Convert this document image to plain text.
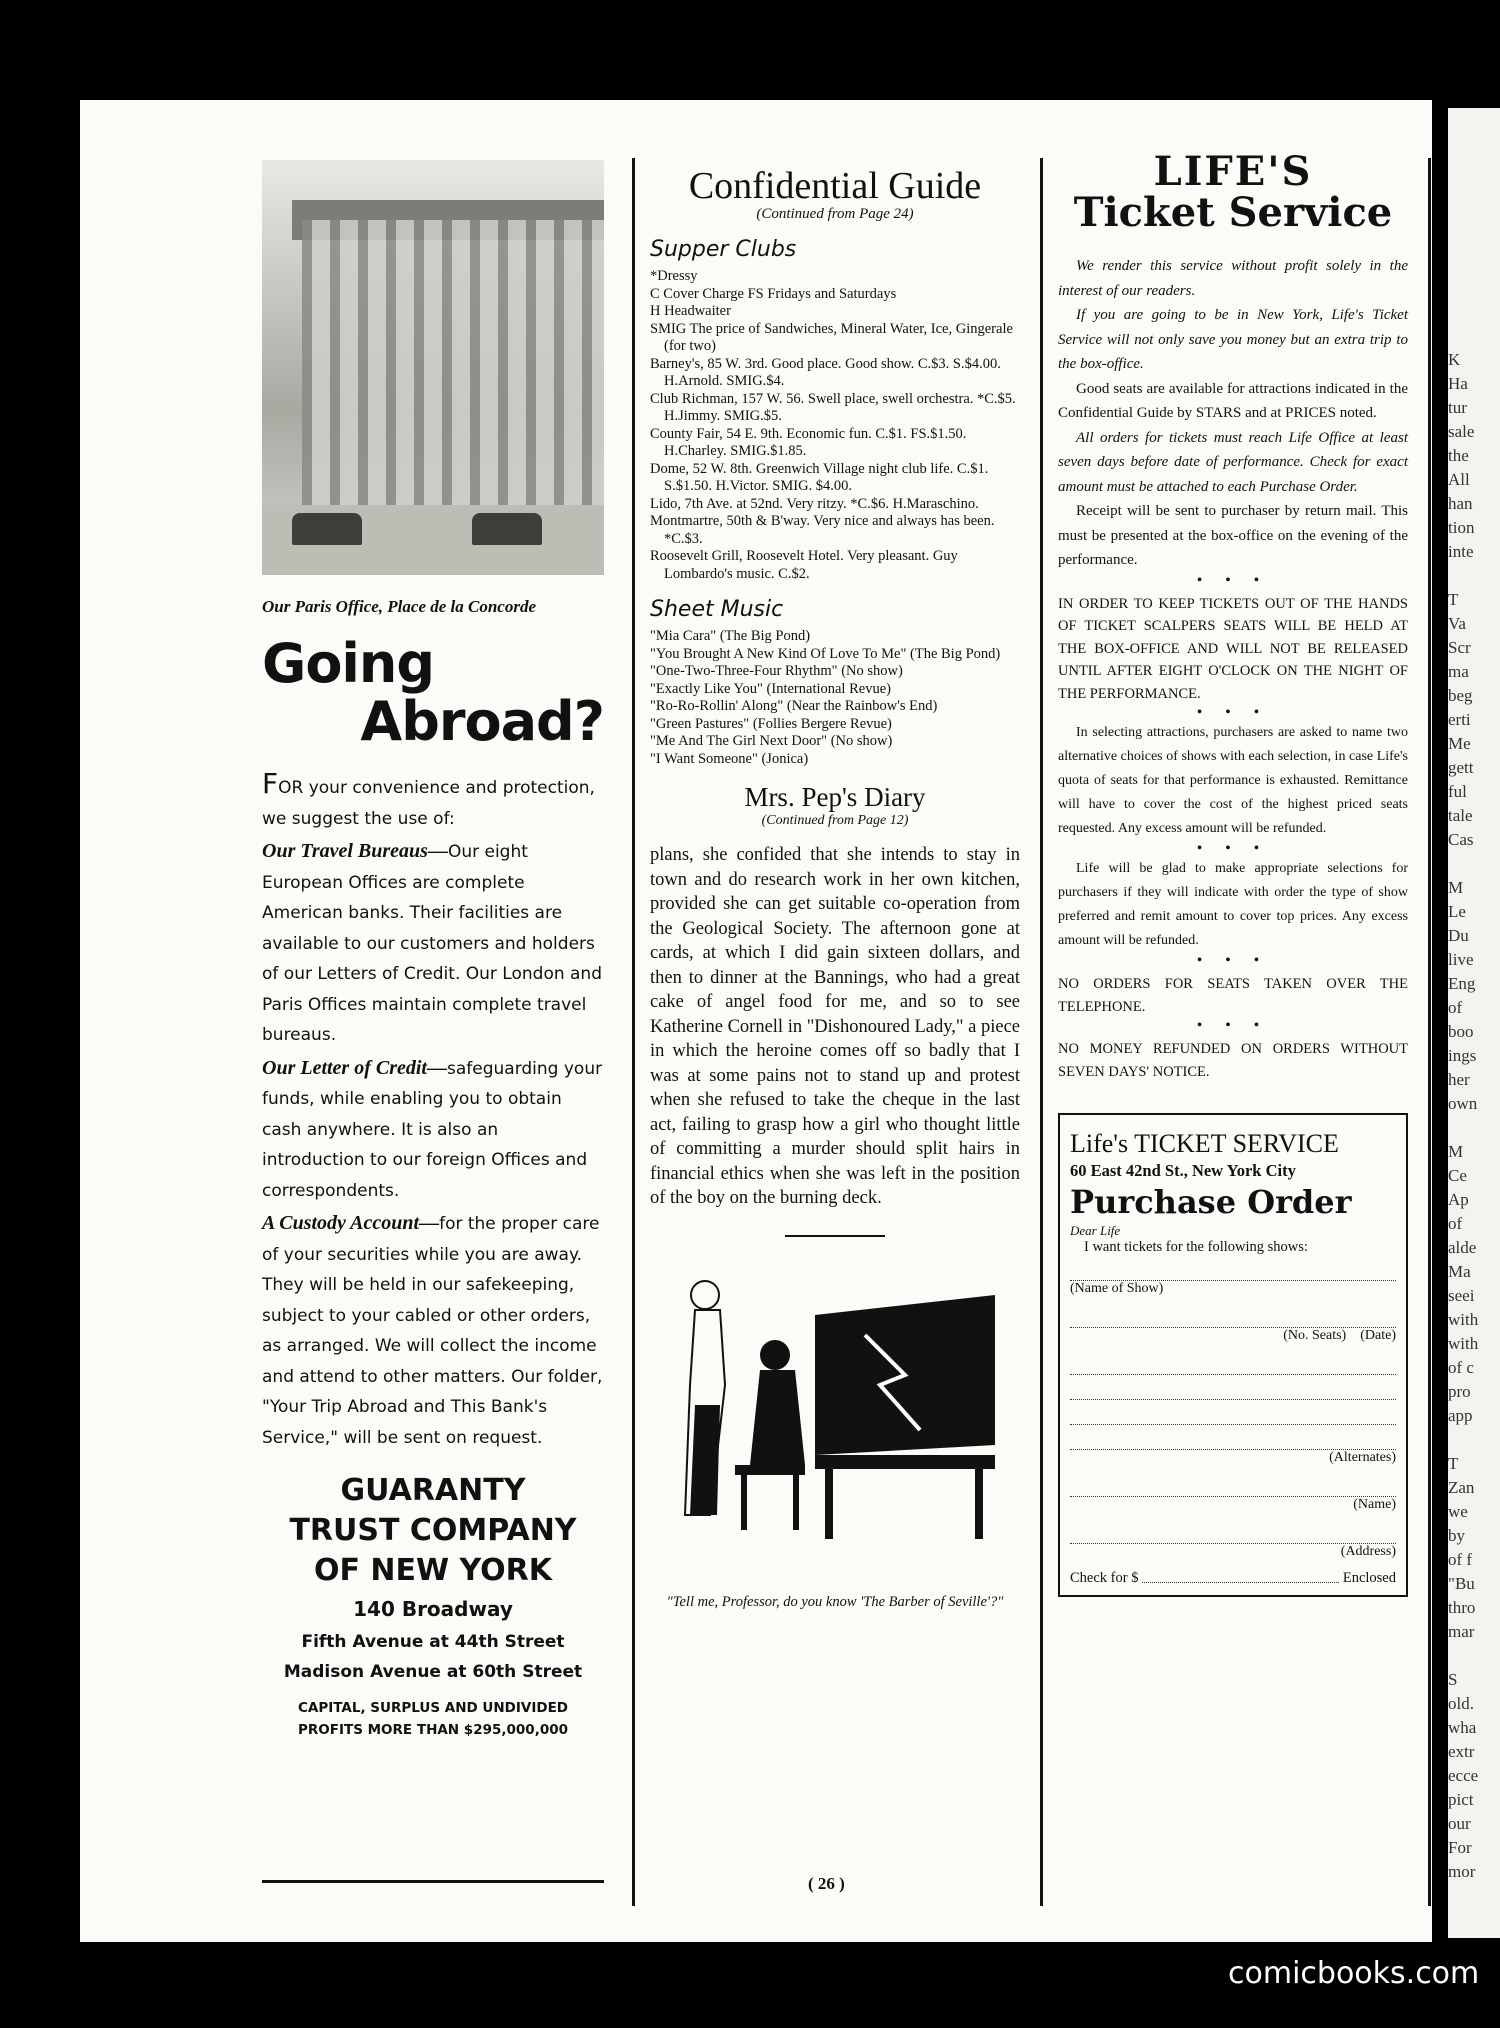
K
Ha
tur
sale
the
All
han
tion
inte

T
Va
Scr
ma
beg
erti
Me
gett
ful
tale
Cas

M
Le
Du
live
Eng
of
boo
ings
her
own

M
Ce
Ap
of
alde
Ma
seei
with
with
of c
pro
app

T
Zan
we
by
of f
"Bu
thro
mar

S
old.
wha
extr
ecce
pict
our
For
mor
Our Paris Office, Place de la Concorde
Going
Abroad?

FOR your convenience and protection, we suggest the use of:

Our Travel Bureaus—Our eight European Offices are complete American banks. Their facilities are available to our customers and holders of our Letters of Credit. Our London and Paris Offices maintain complete travel bureaus.

Our Letter of Credit—safeguarding your funds, while enabling you to obtain cash anywhere. It is also an introduction to our foreign Offices and correspondents.

A Custody Account—for the proper care of your securities while you are away. They will be held in our safekeeping, subject to your cabled or other orders, as arranged. We will collect the income and attend to other matters. Our folder, "Your Trip Abroad and This Bank's Service," will be sent on request.

GUARANTY
TRUST COMPANY
OF NEW YORK
140 Broadway
Fifth Avenue at 44th Street
Madison Avenue at 60th Street
CAPITAL, SURPLUS AND UNDIVIDED
PROFITS MORE THAN $295,000,000
Confidential Guide
(Continued from Page 24)
Supper Clubs

*Dressy

C Cover Charge FS Fridays and Saturdays

H Headwaiter

SMIG The price of Sandwiches, Mineral Water, Ice, Gingerale (for two)

Barney's, 85 W. 3rd. Good place. Good show. C.$3. S.$4.00. H.Arnold. SMIG.$4.

Club Richman, 157 W. 56. Swell place, swell orchestra. *C.$5. H.Jimmy. SMIG.$5.

County Fair, 54 E. 9th. Economic fun. C.$1. FS.$1.50. H.Charley. SMIG.$1.85.

Dome, 52 W. 8th. Greenwich Village night club life. C.$1. S.$1.50. H.Victor. SMIG. $4.00.

Lido, 7th Ave. at 52nd. Very ritzy. *C.$6. H.Maraschino.

Montmartre, 50th & B'way. Very nice and always has been. *C.$3.

Roosevelt Grill, Roosevelt Hotel. Very pleasant. Guy Lombardo's music. C.$2.

Sheet Music

"Mia Cara" (The Big Pond)

"You Brought A New Kind Of Love To Me" (The Big Pond)

"One-Two-Three-Four Rhythm" (No show)

"Exactly Like You" (International Revue)

"Ro-Ro-Rollin' Along" (Near the Rainbow's End)

"Green Pastures" (Follies Bergere Revue)

"Me And The Girl Next Door" (No show)

"I Want Someone" (Jonica)

Mrs. Pep's Diary
(Continued from Page 12)
plans, she confided that she intends to stay in town and do research work in her own kitchen, provided she can get suitable co-operation from the Geological Society. The afternoon gone at cards, at which I did gain sixteen dollars, and then to dinner at the Bannings, who had a great cake of angel food for me, and so to see Katherine Cornell in "Dishonoured Lady," a piece in which the heroine comes off so badly that I was at some pains not to stand up and protest when she refused to take the cheque in the last act, failing to grasp how a girl who thought little of committing a murder should split hairs in financial ethics when she was left in the position of the boy on the burning deck.
"Tell me, Professor, do you know 'The Barber of Seville'?"
( 26 )
LIFE'S
Ticket Service

We render this service without profit solely in the interest of our readers.

If you are going to be in New York, Life's Ticket Service will not only save you money but an extra trip to the box-office.

Good seats are available for attractions indicated in the Confidential Guide by STARS and at PRICES noted.

All orders for tickets must reach Life Office at least seven days before date of performance. Check for exact amount must be attached to each Purchase Order.

Receipt will be sent to purchaser by return mail. This must be presented at the box-office on the evening of the performance.

• • •
IN ORDER TO KEEP TICKETS OUT OF THE HANDS OF TICKET SCALPERS SEATS WILL BE HELD AT THE BOX-OFFICE AND WILL NOT BE RELEASED UNTIL AFTER EIGHT O'CLOCK ON THE NIGHT OF THE PERFORMANCE.
• • •

In selecting attractions, purchasers are asked to name two alternative choices of shows with each selection, in case Life's quota of seats for that performance is exhausted. Remittance will have to cover the cost of the highest priced seats requested. Any excess amount will be refunded.

• • •

Life will be glad to make appropriate selections for purchasers if they will indicate with order the type of show preferred and remit amount to cover top prices. Any excess amount will be refunded.

• • •
NO ORDERS FOR SEATS TAKEN OVER THE TELEPHONE.
• • •
NO MONEY REFUNDED ON ORDERS WITHOUT SEVEN DAYS' NOTICE.
Life's TICKET SERVICE
60 East 42nd St., New York City
Purchase Order
Dear Life
I want tickets for the following shows:
(Name of Show)
(No. Seats) (Date)
(Alternates)
(Name)
(Address)
Check for $	Enclosed
comicbooks.com
